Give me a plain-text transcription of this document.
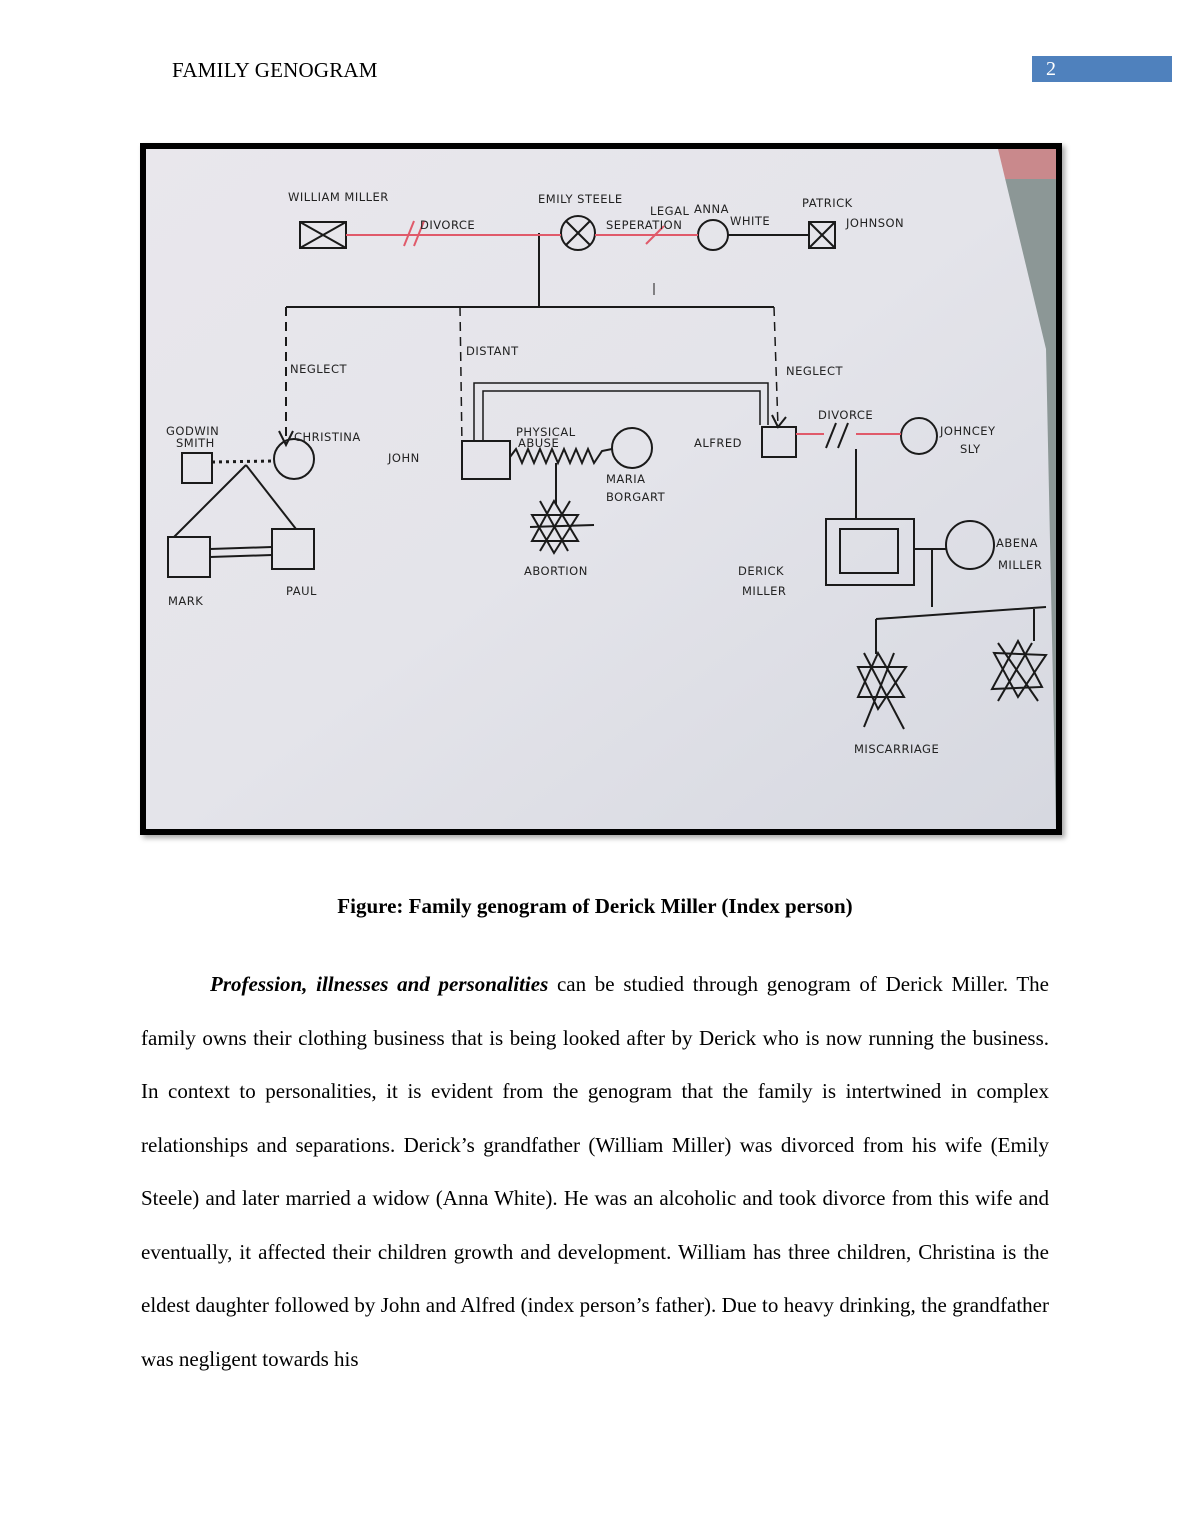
FAMILY GENOGRAM	2
WILLIAM MILLER
DIVORCE
EMILY STEELE
LEGAL
SEPERATION
ANNA
WHITE
PATRICK
JOHNSON
NEGLECT
DISTANT
NEGLECT
GODWIN
SMITH	CHRISTINA
JOHN
PHYSICAL
ABUSE
MARIA
BORGART
ALFRED
DIVORCE
JOHNCEY
SLY
MARK
PAUL
ABORTION	DERICK
MILLER
ABENA
MILLER
MISCARRIAGE
Figure: Family genogram of Derick Miller (Index person)

Profession, illnesses and personalities can be studied through genogram of Derick Miller. The family owns their clothing business that is being looked after by Derick who is now running the business. In context to personalities, it is evident from the genogram that the family is intertwined in complex relationships and separations. Derick’s grandfather (William Miller) was divorced from his wife (Emily Steele) and later married a widow (Anna White). He was an alcoholic and took divorce from this wife and eventually, it affected their children growth and development. William has three children, Christina is the eldest daughter followed by John and Alfred (index person’s father). Due to heavy drinking, the grandfather was negligent towards his
